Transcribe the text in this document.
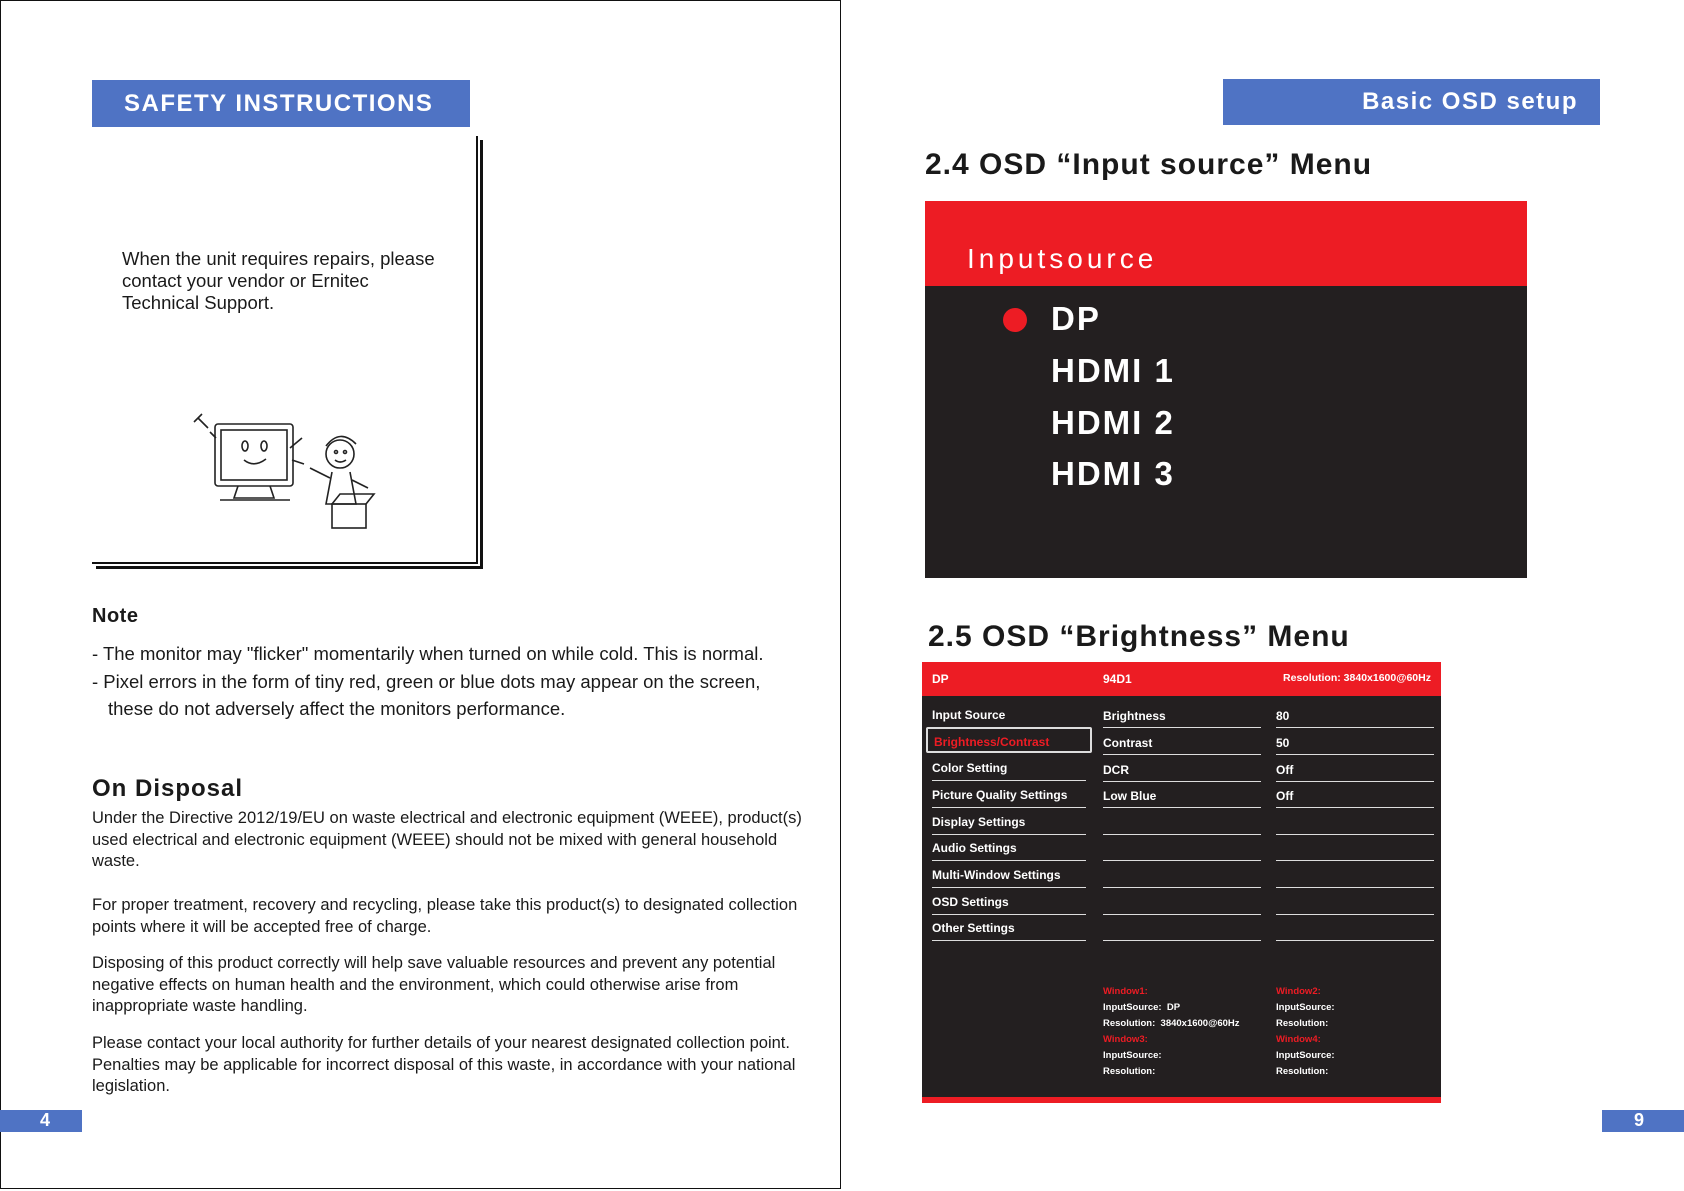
SAFETY INSTRUCTIONS
When the unit requires repairs, please contact your vendor or Ernitec Technical Support.
Note
- The monitor may "flicker" momentarily when turned on while cold. This is normal.
- Pixel errors in the form of tiny red, green or blue dots may appear on the screen, these do not adversely affect the monitors performance.
On Disposal
Under the Directive 2012/19/EU on waste electrical and electronic equipment (WEEE), product(s) used electrical and electronic equipment (WEEE) should not be mixed with general household waste.
For proper treatment, recovery and recycling, please take this product(s) to designated collection points where it will be accepted free of charge.
Disposing of this product correctly will help save valuable resources and prevent any potential negative effects on human health and the environment, which could otherwise arise from inappropriate waste handling.
Please contact your local authority for further details of your nearest designated collection point. Penalties may be applicable for incorrect disposal of this waste, in accordance with your national legislation.
4
Basic OSD setup
2.4 OSD “Input source” Menu
Inputsource
DP
HDMI 1
HDMI 2
HDMI 3
2.5 OSD “Brightness” Menu
DP	94D1	Resolution: 3840x1600@60Hz
Input Source
Brightness/Contrast
Color Setting
Picture Quality Settings
Display Settings
Audio Settings
Multi-Window Settings
OSD Settings
Other Settings
Brightness
Contrast
DCR
Low Blue
80
50
Off
Off
Window1:
InputSource: DP
Resolution: 3840x1600@60Hz
Window3:
InputSource:
Resolution:
Window2:
InputSource:
Resolution:
Window4:
InputSource:
Resolution:
9
